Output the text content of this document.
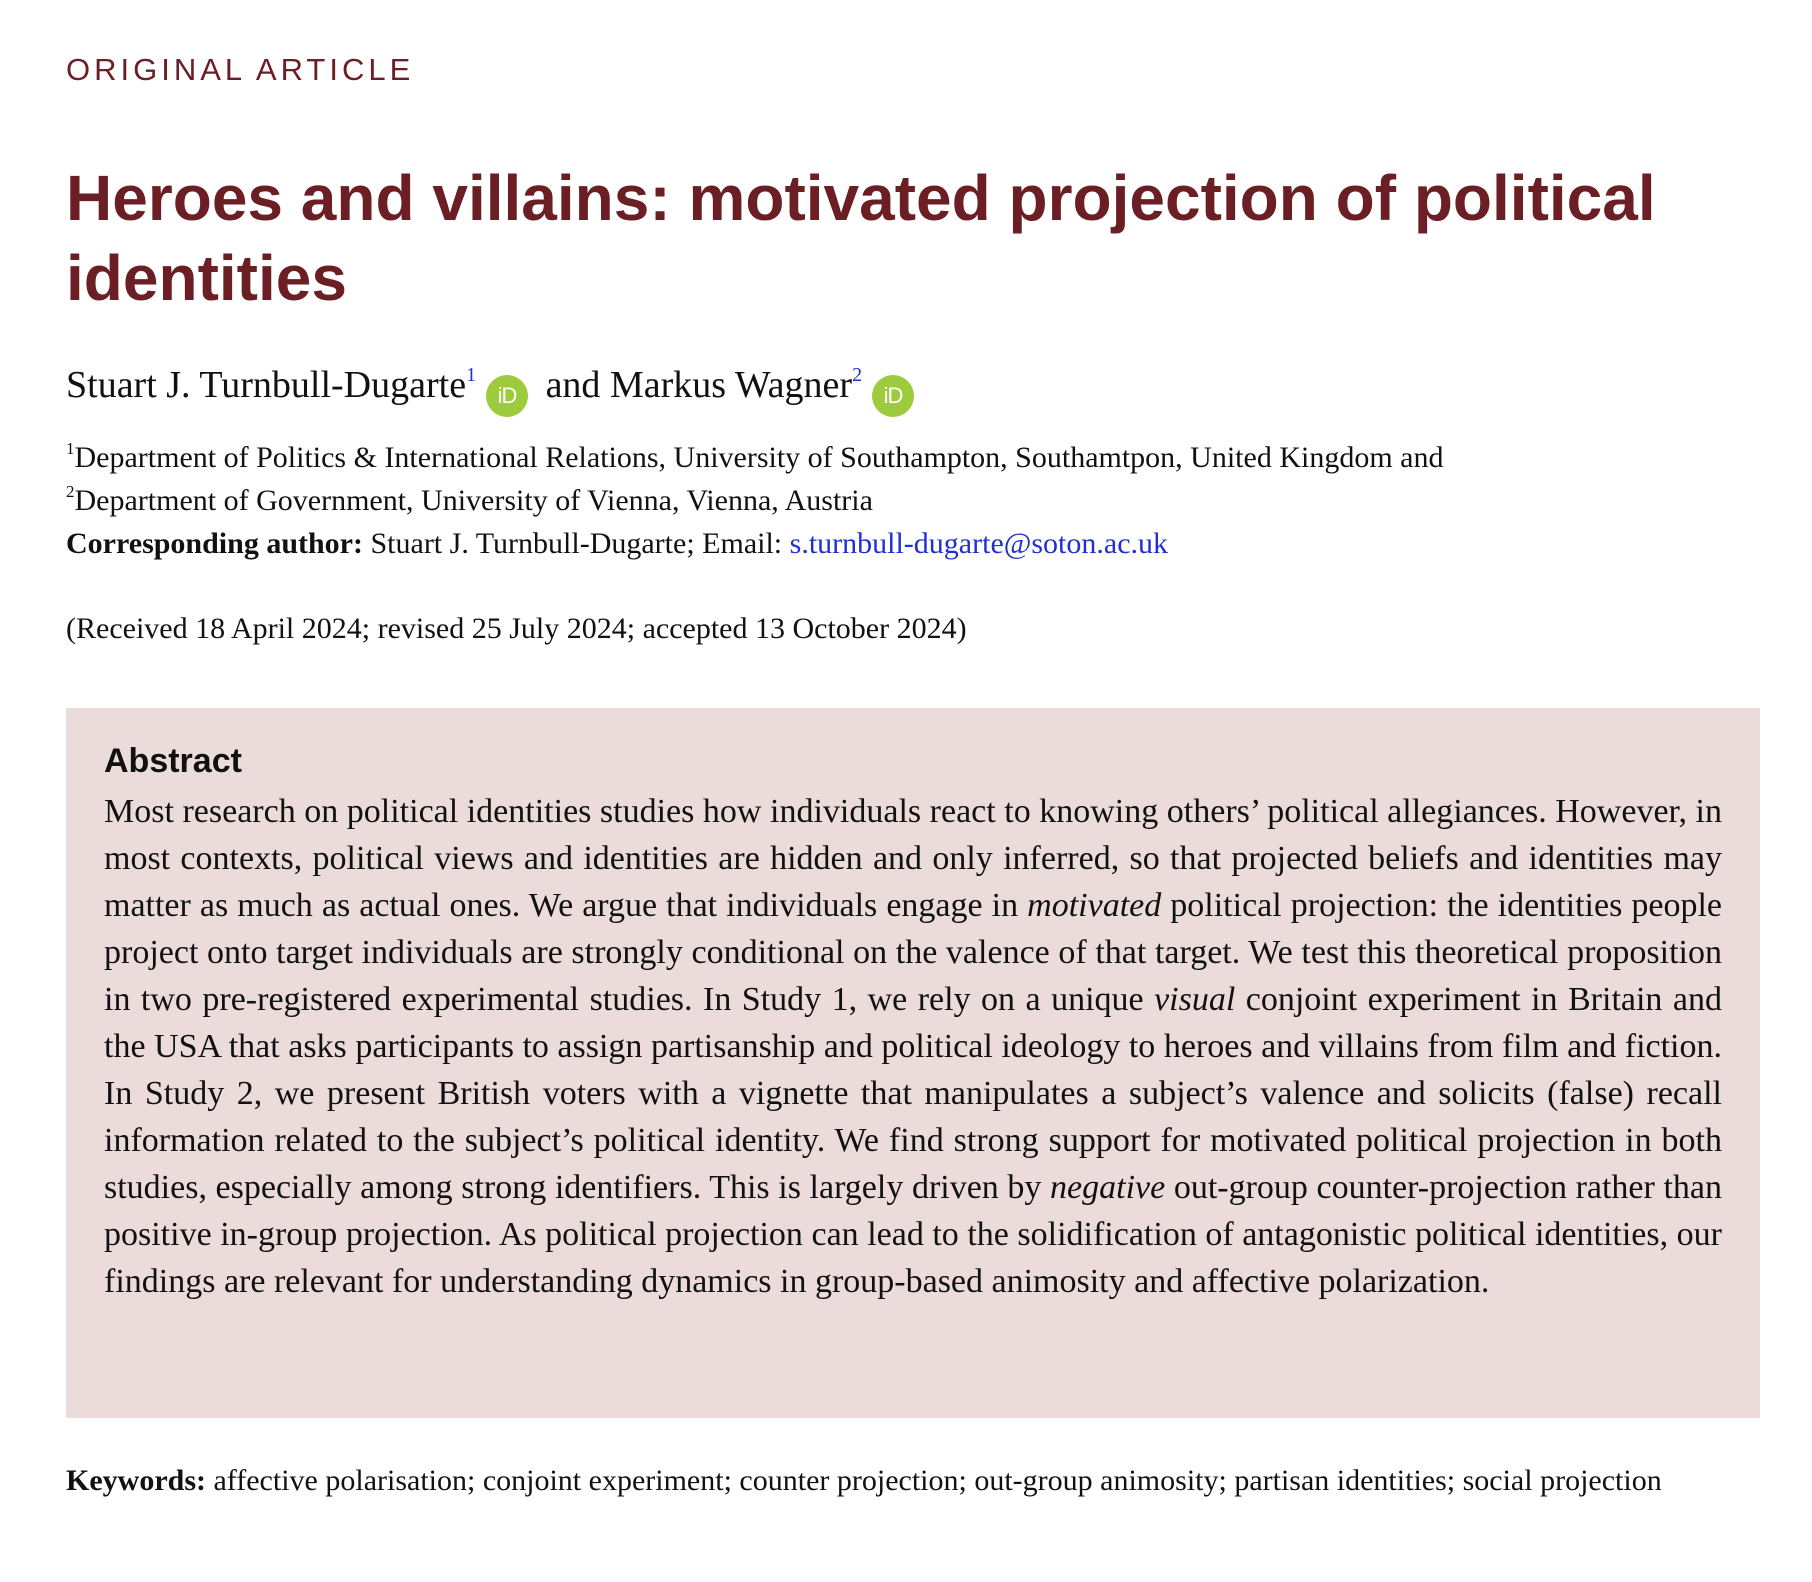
ORIGINAL ARTICLE
Heroes and villains: motivated projection of political identities
Stuart J. Turnbull-Dugarte$^1$iD and Markus Wagner$^2$iD
$^1$Department of Politics & International Relations, University of Southampton, Southamtpon, United Kingdom and
$^2$Department of Government, University of Vienna, Vienna, Austria
Corresponding author: Stuart J. Turnbull-Dugarte; Email: s.turnbull-dugarte@soton.ac.uk
(Received 18 April 2024; revised 25 July 2024; accepted 13 October 2024)
Abstract

Most research on political identities studies how individuals react to knowing others’ political allegiances. However, in most contexts, political views and identities are hidden and only inferred, so that projected beliefs and identities may matter as much as actual ones. We argue that individuals engage in motivated political projection: the identities people project onto target individuals are strongly conditional on the valence of that target. We test this theoretical proposition in two pre-registered experimental studies. In Study 1, we rely on a unique visual conjoint experiment in Britain and the USA that asks participants to assign partisanship and political ideology to heroes and villains from film and fiction. In Study 2, we present British voters with a vignette that manipulates a subject’s valence and solicits (false) recall information related to the subject’s political identity. We find strong support for motivated political projection in both studies, especially among strong identifiers. This is largely driven by negative out-group counter-projection rather than positive in-group projection. As political projection can lead to the solidification of antagonistic political identities, our findings are relevant for understanding dynamics in group-based animosity and affective polarization.

Keywords: affective polarisation; conjoint experiment; counter projection; out-group animosity; partisan identities; social projection
